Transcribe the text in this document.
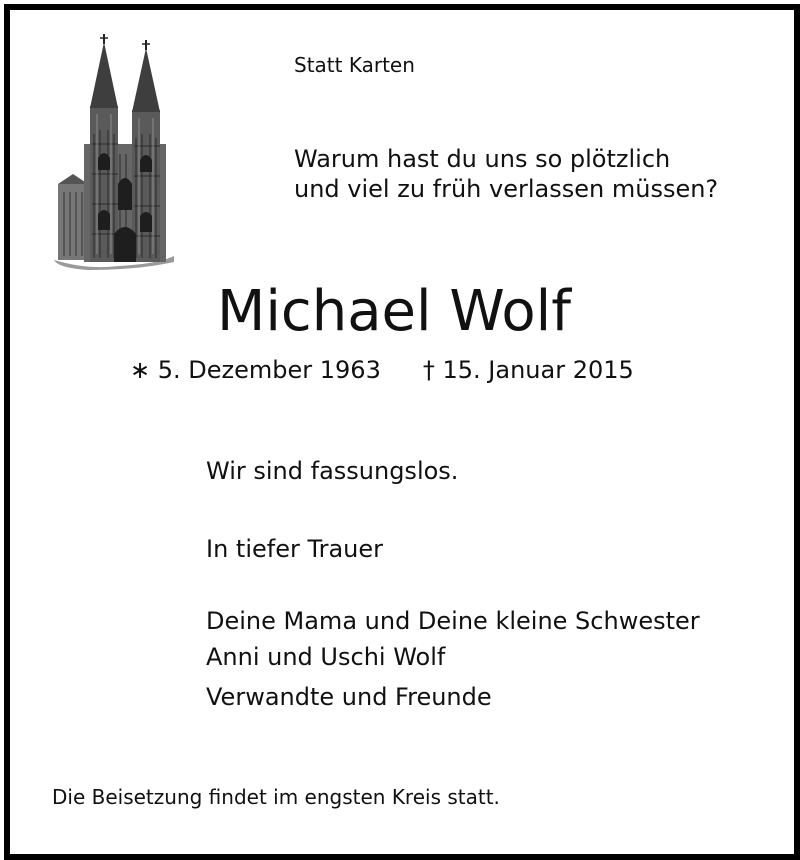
Statt Karten
Warum hast du uns so plötzlich
und viel zu früh verlassen müssen?
Michael Wolf
∗ 5. Dezember 1963 † 15. Januar 2015
Wir sind fassungslos.
In tiefer Trauer
Deine Mama und Deine kleine Schwester
Anni und Uschi Wolf
Verwandte und Freunde
Die Beisetzung findet im engsten Kreis statt.
